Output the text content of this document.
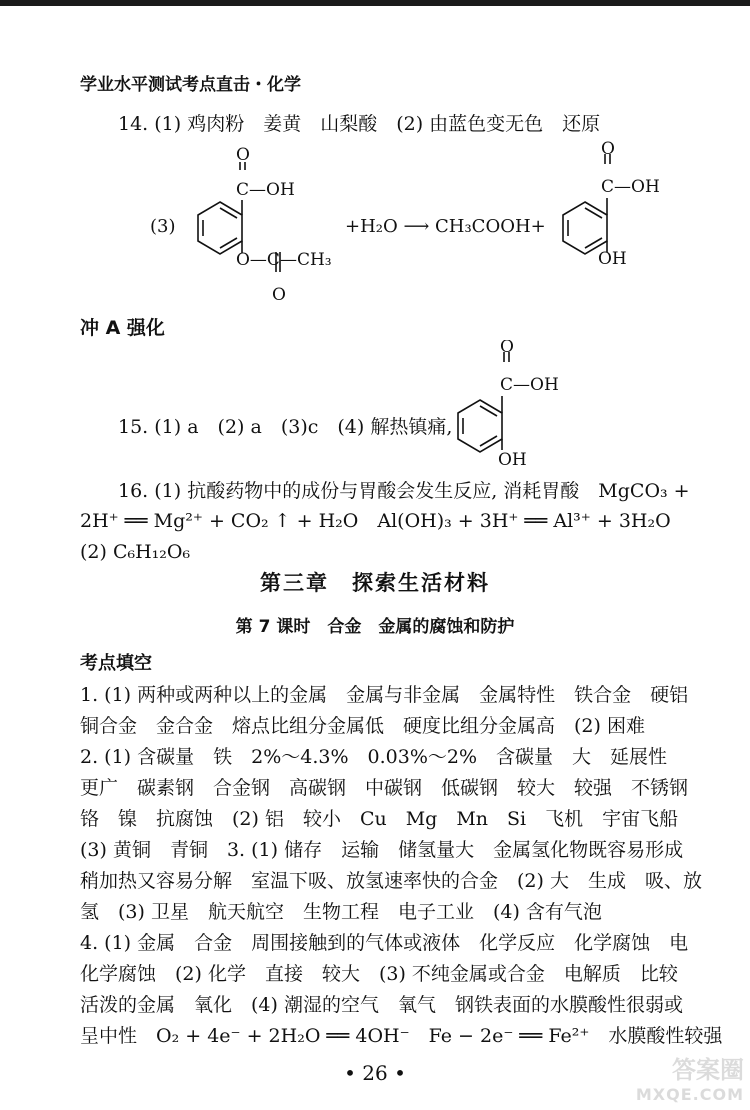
学业水平测试考点直击・化学
14. (1) 鸡肉粉　姜黄　山梨酸　(2) 由蓝色变无色　还原
(3)
O
C—OH
O—C—CH₃
O
+H₂O ⟶ CH₃COOH+
O
C—OH
OH
冲 A 强化
15. (1) a　(2) a　(3)c　(4) 解热镇痛,
O
C—OH
OH
16. (1) 抗酸药物中的成份与胃酸会发生反应, 消耗胃酸　MgCO₃ +
2H⁺ ══ Mg²⁺ + CO₂ ↑ + H₂O　Al(OH)₃ + 3H⁺ ══ Al³⁺ + 3H₂O
(2) C₆H₁₂O₆
第三章　探索生活材料
第 7 课时　合金　金属的腐蚀和防护
考点填空
1. (1) 两种或两种以上的金属　金属与非金属　金属特性　铁合金　硬铝
铜合金　金合金　熔点比组分金属低　硬度比组分金属高　(2) 困难
2. (1) 含碳量　铁　2%～4.3%　0.03%～2%　含碳量　大　延展性
更广　碳素钢　合金钢　高碳钢　中碳钢　低碳钢　较大　较强　不锈钢
铬　镍　抗腐蚀　(2) 铝　较小　Cu　Mg　Mn　Si　飞机　宇宙飞船
(3) 黄铜　青铜　3. (1) 储存　运输　储氢量大　金属氢化物既容易形成
稍加热又容易分解　室温下吸、放氢速率快的合金　(2) 大　生成　吸、放
氢　(3) 卫星　航天航空　生物工程　电子工业　(4) 含有气泡
4. (1) 金属　合金　周围接触到的气体或液体　化学反应　化学腐蚀　电
化学腐蚀　(2) 化学　直接　较大　(3) 不纯金属或合金　电解质　比较
活泼的金属　氧化　(4) 潮湿的空气　氧气　钢铁表面的水膜酸性很弱或
呈中性　O₂ + 4e⁻ + 2H₂O ══ 4OH⁻　Fe − 2e⁻ ══ Fe²⁺　水膜酸性较强
• 26 •	答案圈
MXQE.COM
